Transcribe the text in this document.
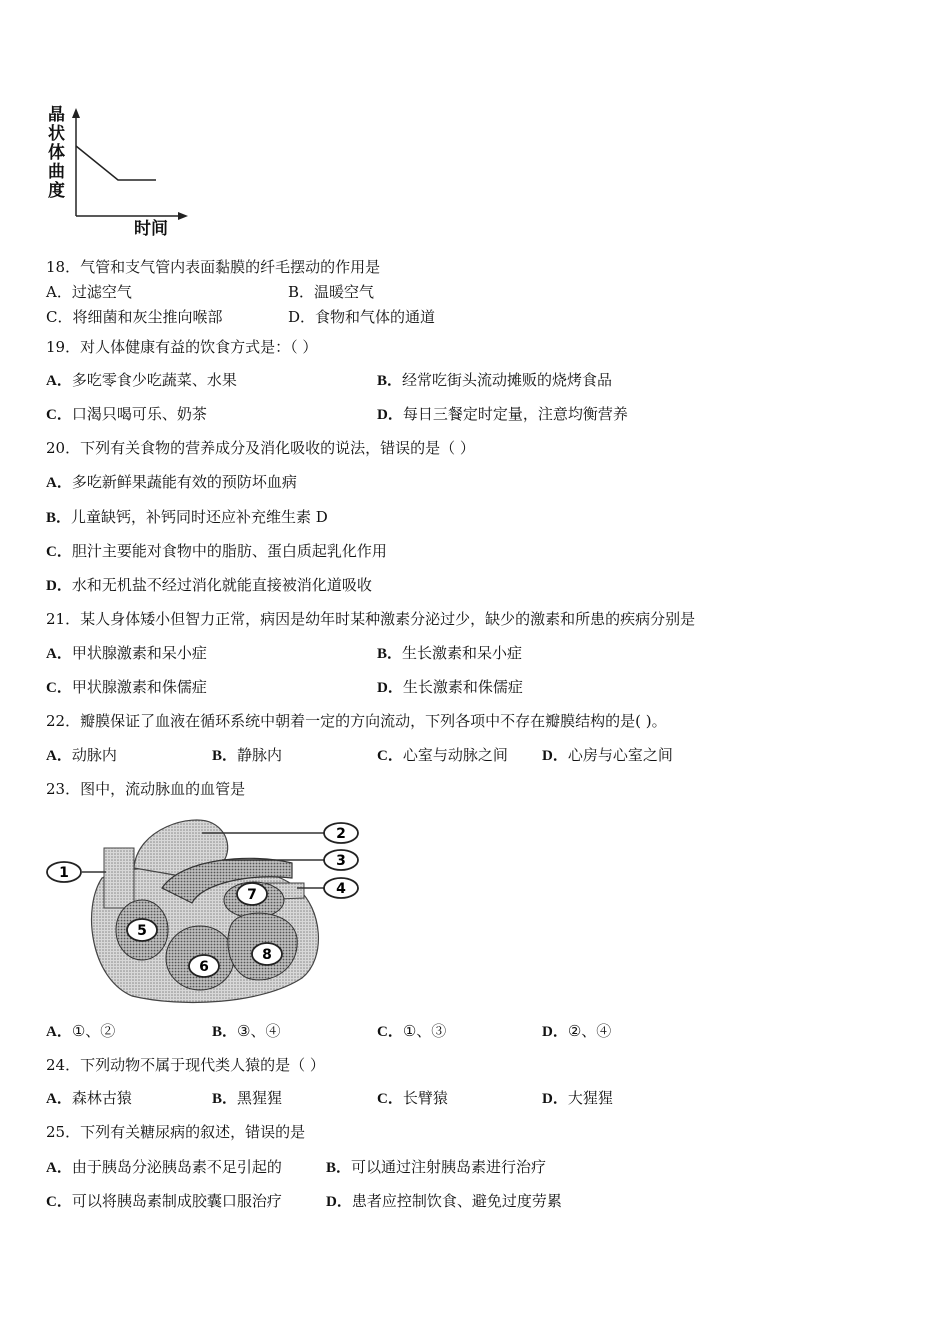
晶
状
体
曲
度
时间
18．气管和支气管内表面黏膜的纤毛摆动的作用是
A．过滤空气	B．温暖空气
C．将细菌和灰尘推向喉部	D．食物和气体的通道
19．对人体健康有益的饮食方式是：（ ）
A．多吃零食少吃蔬菜、水果	B．经常吃街头流动摊贩的烧烤食品
C．口渴只喝可乐、奶茶	D．每日三餐定时定量，注意均衡营养
20．下列有关食物的营养成分及消化吸收的说法，错误的是（ ）
A．多吃新鲜果蔬能有效的预防坏血病
B．儿童缺钙，补钙同时还应补充维生素 D
C．胆汁主要能对食物中的脂肪、蛋白质起乳化作用
D．水和无机盐不经过消化就能直接被消化道吸收
21．某人身体矮小但智力正常，病因是幼年时某种激素分泌过少，缺少的激素和所患的疾病分别是
A．甲状腺激素和呆小症	B．生长激素和呆小症
C．甲状腺激素和侏儒症	D．生长激素和侏儒症
22．瓣膜保证了血液在循环系统中朝着一定的方向流动，下列各项中不存在瓣膜结构的是( )。
A．动脉内	B．静脉内	C．心室与动脉之间 D．心房与心室之间
23．图中，流动脉血的血管是
1
2
3
4
5
6
7
8
A．①、②	B．③、④	C．①、③	D．②、④
24．下列动物不属于现代类人猿的是（ ）
A．森林古猿	B．黑猩猩	C．长臂猿	D．大猩猩
25．下列有关糖尿病的叙述，错误的是
A．由于胰岛分泌胰岛素不足引起的	B．可以通过注射胰岛素进行治疗
C．可以将胰岛素制成胶囊口服治疗	D．患者应控制饮食、避免过度劳累
